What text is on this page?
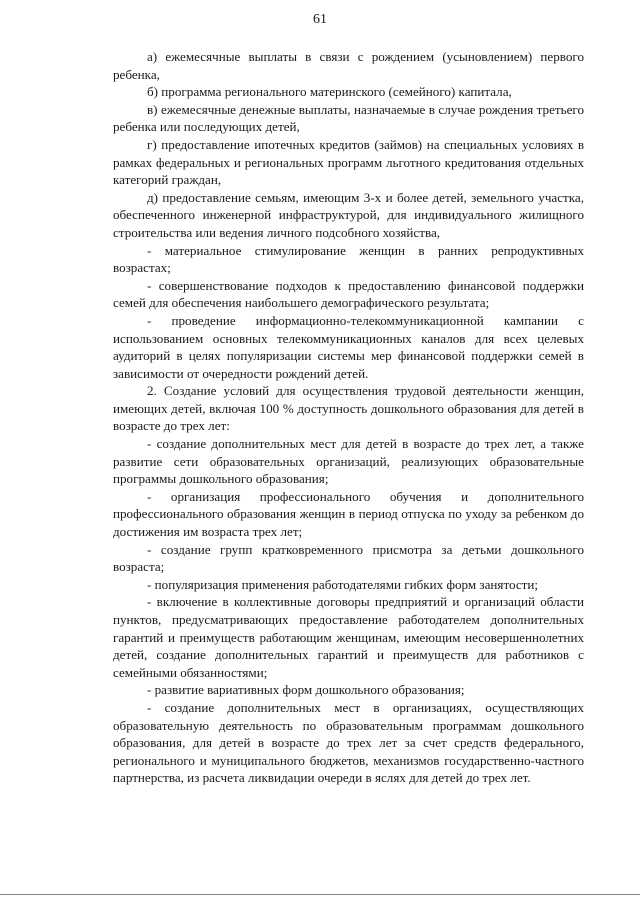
61

а) ежемесячные выплаты в связи с рождением (усыновлением) первого ребенка,

б) программа регионального материнского (семейного) капитала,

в) ежемесячные денежные выплаты, назначаемые в случае рождения третьего ребенка или последующих детей,

г) предоставление ипотечных кредитов (займов) на специальных условиях в рамках федеральных и региональных программ льготного кредитования отдельных категорий граждан,

д) предоставление семьям, имеющим 3-х и более детей, земельного участка, обеспеченного инженерной инфраструктурой, для индивидуального жилищного строительства или ведения личного подсобного хозяйства,

- материальное стимулирование женщин в ранних репродуктивных возрастах;

- совершенствование подходов к предоставлению финансовой поддержки семей для обеспечения наибольшего демографического результата;

- проведение информационно-телекоммуникационной кампании с использованием основных телекоммуникационных каналов для всех целевых аудиторий в целях популяризации системы мер финансовой поддержки семей в зависимости от очередности рождений детей.

2. Создание условий для осуществления трудовой деятельности женщин, имеющих детей, включая 100 % доступность дошкольного образования для детей в возрасте до трех лет:

- создание дополнительных мест для детей в возрасте до трех лет, а также развитие сети образовательных организаций, реализующих образовательные программы дошкольного образования;

- организация профессионального обучения и дополнительного профессионального образования женщин в период отпуска по уходу за ребенком до достижения им возраста трех лет;

- создание групп кратковременного присмотра за детьми дошкольного возраста;

- популяризация применения работодателями гибких форм занятости;

- включение в коллективные договоры предприятий и организаций области пунктов, предусматривающих предоставление работодателем дополнительных гарантий и преимуществ работающим женщинам, имеющим несовершеннолетних детей, создание дополнительных гарантий и преимуществ для работников с семейными обязанностями;

- развитие вариативных форм дошкольного образования;

- создание дополнительных мест в организациях, осуществляющих образовательную деятельность по образовательным программам дошкольного образования, для детей в возрасте до трех лет за счет средств федерального, регионального и муниципального бюджетов, механизмов государственно-частного партнерства, из расчета ликвидации очереди в яслях для детей до трех лет.
